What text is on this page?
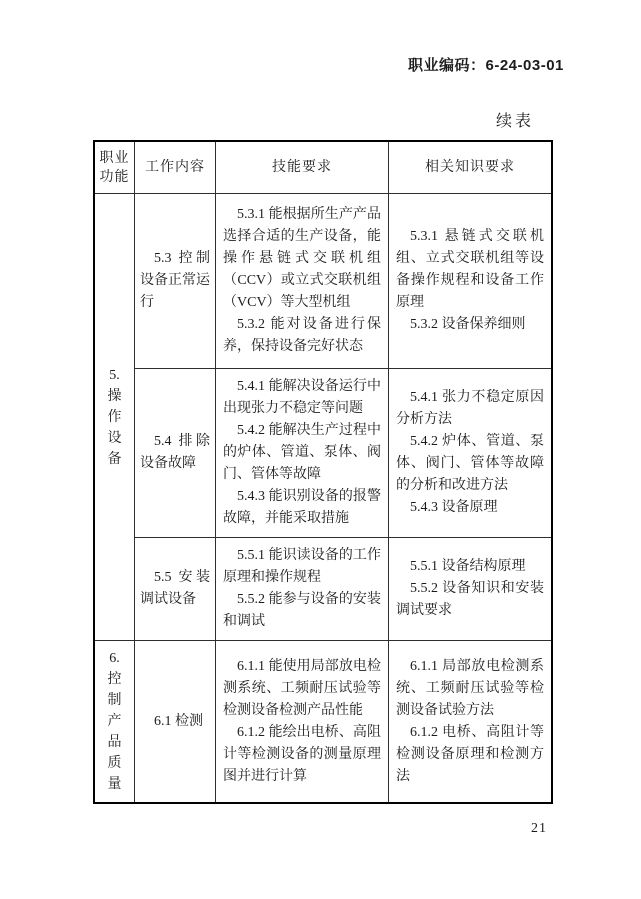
职业编码：6-24-03-01
续表
职业功能
工作内容	技能要求	相关知识要求
5.
操作设备

5.3 控制设备正常运行

5.3.1 能根据所生产产品选择合适的生产设备，能操作悬链式交联机组（CCV）或立式交联机组（VCV）等大型机组

5.3.2 能对设备进行保养，保持设备完好状态

5.3.1 悬链式交联机组、立式交联机组等设备操作规程和设备工作原理

5.3.2 设备保养细则

5.4 排除设备故障

5.4.1 能解决设备运行中出现张力不稳定等问题

5.4.2 能解决生产过程中的炉体、管道、泵体、阀门、管体等故障

5.4.3 能识别设备的报警故障，并能采取措施

5.4.1 张力不稳定原因分析方法

5.4.2 炉体、管道、泵体、阀门、管体等故障的分析和改进方法

5.4.3 设备原理

5.5 安装调试设备

5.5.1 能识读设备的工作原理和操作规程

5.5.2 能参与设备的安装和调试

5.5.1 设备结构原理

5.5.2 设备知识和安装调试要求

6.
控制产品质量

6.1 检测

6.1.1 能使用局部放电检测系统、工频耐压试验等检测设备检测产品性能

6.1.2 能绘出电桥、高阻计等检测设备的测量原理图并进行计算

6.1.1 局部放电检测系统、工频耐压试验等检测设备试验方法

6.1.2 电桥、高阻计等检测设备原理和检测方法

21
